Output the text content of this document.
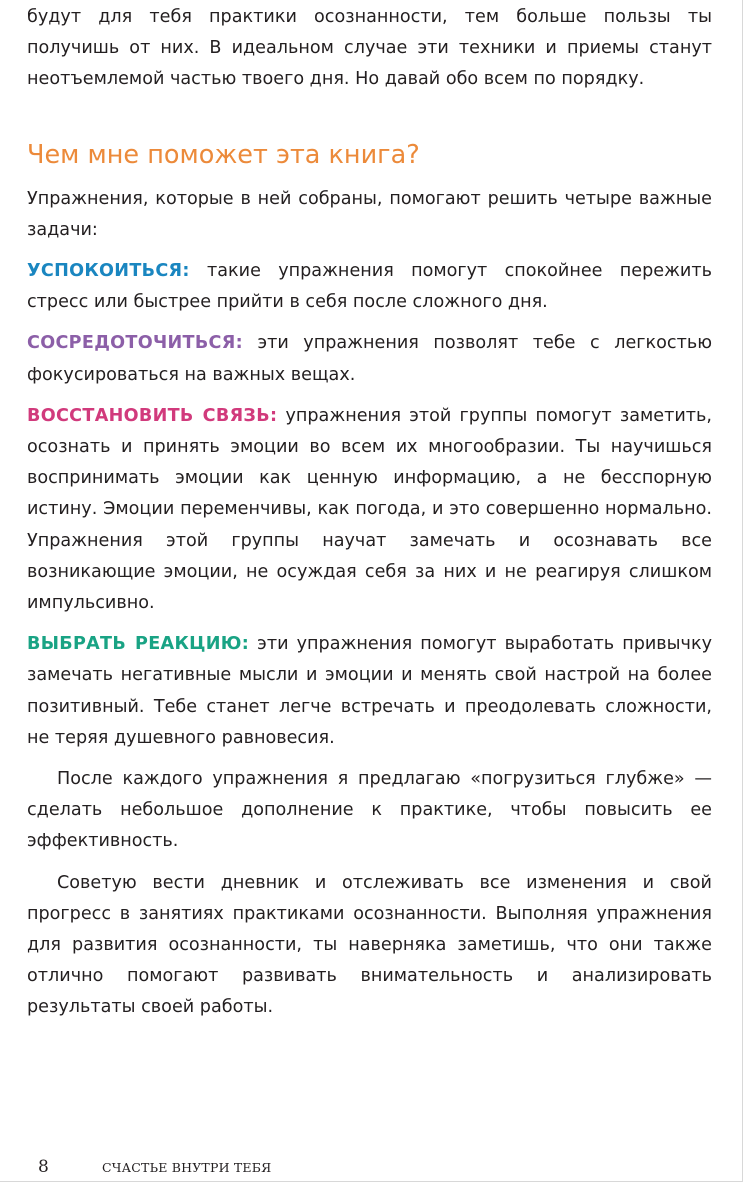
будут для тебя практики осознанности, тем больше пользы ты получишь от них. В идеальном случае эти техники и приемы станут неотъемлемой частью твоего дня. Но давай обо всем по порядку.

Чем мне поможет эта книга?

Упражнения, которые в ней собраны, помогают решить четыре важные задачи:

УСПОКОИТЬСЯ: такие упражнения помогут спокойнее пережить стресс или быстрее прийти в себя после сложного дня.

СОСРЕДОТОЧИТЬСЯ: эти упражнения позволят тебе с легкостью фокусироваться на важных вещах.

ВОССТАНОВИТЬ СВЯЗЬ: упражнения этой группы помогут заметить, осознать и принять эмоции во всем их многообразии. Ты научишься воспринимать эмоции как ценную информацию, а не бесспорную истину. Эмоции переменчивы, как погода, и это совершенно нормально. Упражнения этой группы научат замечать и осознавать все возникающие эмоции, не осуждая себя за них и не реагируя слишком импульсивно.

ВЫБРАТЬ РЕАКЦИЮ: эти упражнения помогут выработать привычку замечать негативные мысли и эмоции и менять свой настрой на более позитивный. Тебе станет легче встречать и преодолевать сложности, не теряя душевного равновесия.

После каждого упражнения я предлагаю «погрузиться глубже» — сделать небольшое дополнение к практике, чтобы повысить ее эффективность.

Советую вести дневник и отслеживать все изменения и свой прогресс в занятиях практиками осознанности. Выполняя упражнения для развития осознанности, ты наверняка заметишь, что они также отлично помогают развивать внимательность и анализировать результаты своей работы.

8	СЧАСТЬЕ ВНУТРИ ТЕБЯ
